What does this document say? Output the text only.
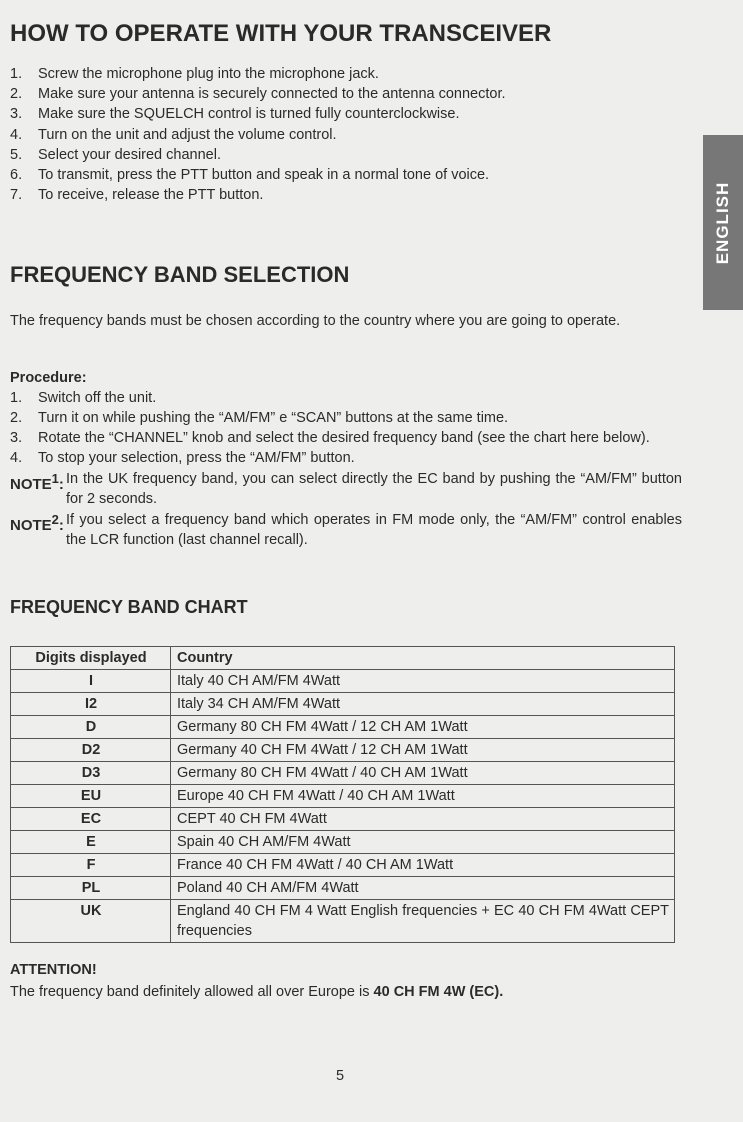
ENGLISH
HOW TO OPERATE WITH YOUR TRANSCEIVER
1.	Screw the microphone plug into the microphone jack.
2.	Make sure your antenna is securely connected to the antenna connector.
3.	Make sure the SQUELCH control is turned fully counterclockwise.
4.	Turn on the unit and adjust the volume control.
5.	Select your desired channel.
6.	To transmit, press the PTT button and speak in a normal tone of voice.
7.	To receive, release the PTT button.
FREQUENCY BAND SELECTION

The frequency bands must be chosen according to the country where you are going to operate.

Procedure:
1.	Switch off the unit.
2.	Turn it on while pushing the “AM/FM” e “SCAN” buttons at the same time.
3.	Rotate the “CHANNEL” knob and select the desired frequency band (see the chart here below).
4.	To stop your selection, press the “AM/FM” button.
NOTE$^1$: In the UK frequency band, you can select directly the EC band by pushing the “AM/FM” button for 2 seconds.
NOTE$^2$: If you select a frequency band which operates in FM mode only, the “AM/FM” control enables the LCR function (last channel recall).
FREQUENCY BAND CHART
Digits displayed	Country
I	Italy 40 CH AM/FM 4Watt
I2	Italy 34 CH AM/FM 4Watt
D	Germany 80 CH FM 4Watt / 12 CH AM 1Watt
D2	Germany 40 CH FM 4Watt / 12 CH AM 1Watt
D3	Germany 80 CH FM 4Watt / 40 CH AM 1Watt
EU	Europe 40 CH FM 4Watt / 40 CH AM 1Watt
EC	CEPT 40 CH FM 4Watt
E	Spain 40 CH AM/FM 4Watt
F	France 40 CH FM 4Watt / 40 CH AM 1Watt
PL	Poland 40 CH AM/FM 4Watt
UK	England 40 CH FM 4 Watt English frequencies + EC 40 CH FM 4Watt CEPT frequencies
ATTENTION!
The frequency band definitely allowed all over Europe is 40 CH FM 4W (EC).
5
